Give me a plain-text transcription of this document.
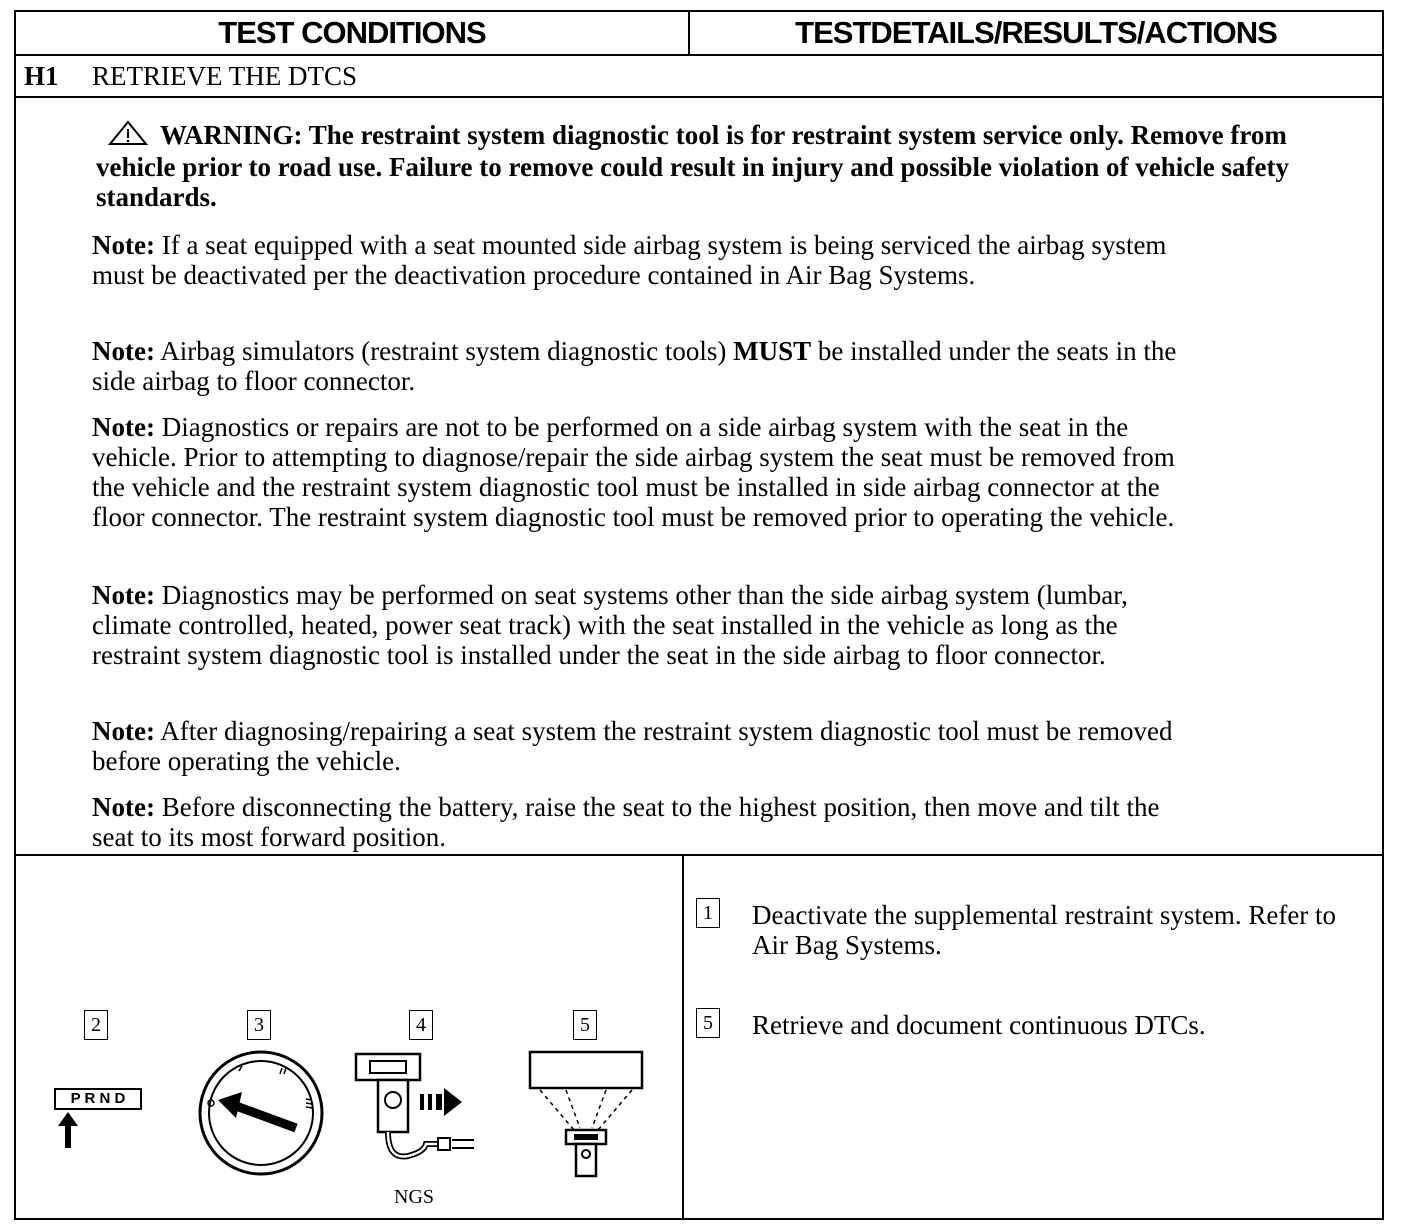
TEST CONDITIONS	TESTDETAILS/RESULTS/ACTIONS
H1 RETRIEVE THE DTCS
WARNING: The restraint system diagnostic tool is for restraint system service only. Remove from vehicle prior to road use. Failure to remove could result in injury and possible violation of vehicle safety standards.
Note: If a seat equipped with a seat mounted side airbag system is being serviced the airbag system must be deactivated per the deactivation procedure contained in Air Bag Systems.
Note: Airbag simulators (restraint system diagnostic tools) MUST be installed under the seats in the side airbag to floor connector.
Note: Diagnostics or repairs are not to be performed on a side airbag system with the seat in the vehicle. Prior to attempting to diagnose/repair the side airbag system the seat must be removed from the vehicle and the restraint system diagnostic tool must be installed in side airbag connector at the floor connector. The restraint system diagnostic tool must be removed prior to operating the vehicle.
Note: Diagnostics may be performed on seat systems other than the side airbag system (lumbar, climate controlled, heated, power seat track) with the seat installed in the vehicle as long as the restraint system diagnostic tool is installed under the seat in the side airbag to floor connector.
Note: After diagnosing/repairing a seat system the restraint system diagnostic tool must be removed before operating the vehicle.
Note: Before disconnecting the battery, raise the seat to the highest position, then move and tilt the seat to its most forward position.
2	3	4	5
P R N D
NGS
1 Deactivate the supplemental restraint system. Refer to Air Bag Systems.
5 Retrieve and document continuous DTCs.
